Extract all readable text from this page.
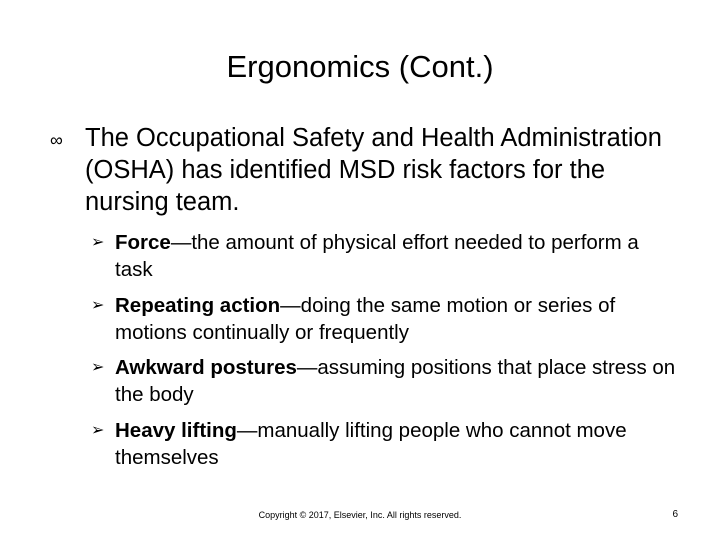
Ergonomics (Cont.)
∞ The Occupational Safety and Health Administration (OSHA) has identified MSD risk factors for the nursing team.
➢ Force—the amount of physical effort needed to perform a task
➢ Repeating action—doing the same motion or series of motions continually or frequently
➢ Awkward postures—assuming positions that place stress on the body
➢ Heavy lifting—manually lifting people who cannot move themselves
Copyright © 2017, Elsevier, Inc. All rights reserved.	6
